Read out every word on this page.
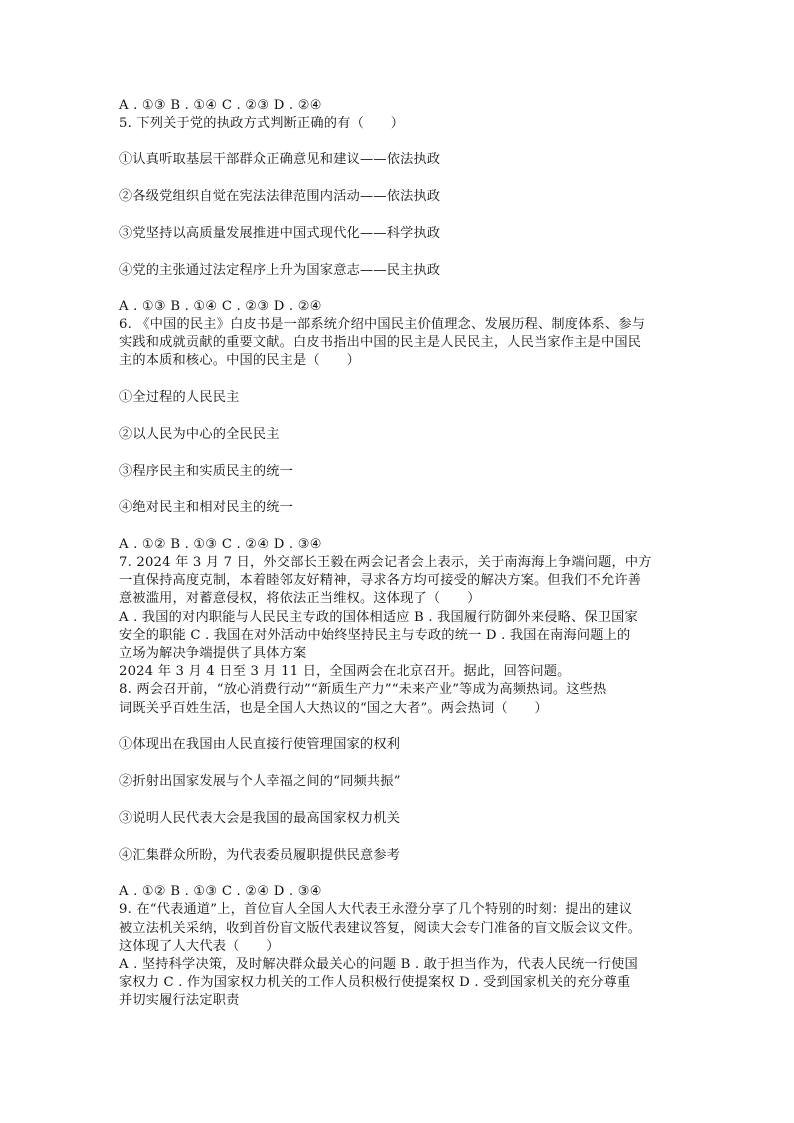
A . ①③ B . ①④ C . ②③ D . ②④
5. 下列关于党的执政方式判断正确的有（　　）
①认真听取基层干部群众正确意见和建议——依法执政
②各级党组织自觉在宪法法律范围内活动——依法执政
③党坚持以高质量发展推进中国式现代化——科学执政
④党的主张通过法定程序上升为国家意志——民主执政
A . ①③ B . ①④ C . ②③ D . ②④
6. 《中国的民主》白皮书是一部系统介绍中国民主价值理念、发展历程、制度体系、参与
实践和成就贡献的重要文献。白皮书指出中国的民主是人民民主，人民当家作主是中国民
主的本质和核心。中国的民主是（　　）
①全过程的人民民主
②以人民为中心的全民民主
③程序民主和实质民主的统一
④绝对民主和相对民主的统一
A . ①② B . ①③ C . ②④ D . ③④
7. 2024 年 3 月 7 日，外交部长王毅在两会记者会上表示，关于南海海上争端问题，中方
一直保持高度克制，本着睦邻友好精神，寻求各方均可接受的解决方案。但我们不允许善
意被滥用，对蓄意侵权，将依法正当维权。这体现了（　　）
A . 我国的对内职能与人民民主专政的国体相适应 B . 我国履行防御外来侵略、保卫国家
安全的职能 C . 我国在对外活动中始终坚持民主与专政的统一 D . 我国在南海问题上的
立场为解决争端提供了具体方案
2024 年 3 月 4 日至 3 月 11 日，全国两会在北京召开。据此，回答问题。
8. 两会召开前，“放心消费行动”“新质生产力”“未来产业”等成为高频热词。这些热
词既关乎百姓生活，也是全国人大热议的“国之大者”。两会热词（　　）
①体现出在我国由人民直接行使管理国家的权利
②折射出国家发展与个人幸福之间的“同频共振”
③说明人民代表大会是我国的最高国家权力机关
④汇集群众所盼，为代表委员履职提供民意参考
A . ①② B . ①③ C . ②④ D . ③④
9. 在“代表通道”上，首位盲人全国人大代表王永澄分享了几个特别的时刻：提出的建议
被立法机关采纳，收到首份盲文版代表建议答复，阅读大会专门准备的盲文版会议文件。
这体现了人大代表（　　）
A . 坚持科学决策，及时解决群众最关心的问题 B . 敢于担当作为，代表人民统一行使国
家权力 C . 作为国家权力机关的工作人员积极行使提案权 D . 受到国家机关的充分尊重
并切实履行法定职责
